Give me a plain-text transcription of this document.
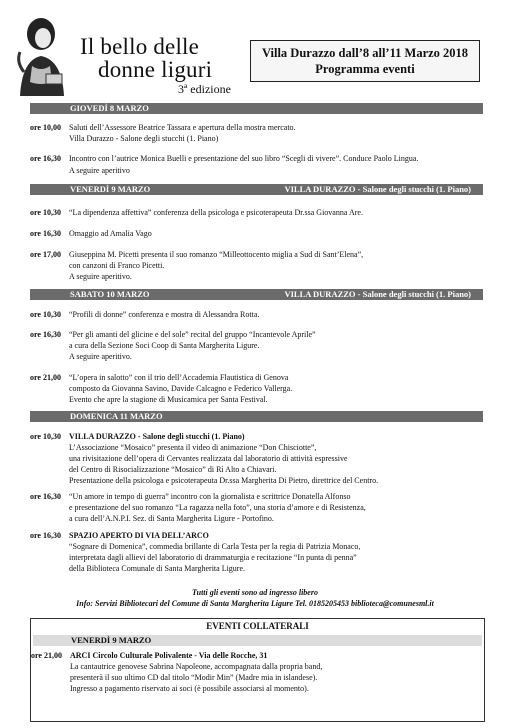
Il bello delle
donne liguri
3ª edizione
Villa Durazzo dall’8 all’11 Marzo 2018
Programma eventi
GIOVEDÌ 8 MARZO
ore 10,00 Saluti dell’Assessore Beatrice Tassara e apertura della mostra mercato.
Villa Durazzo - Salone degli stucchi (1. Piano)
ore 16,30 Incontro con l’autrice Monica Buelli e presentazione del suo libro “Scegli di vivere”. Conduce Paolo Lingua.
A seguire aperitivo
VENERDÌ 9 MARZO	VILLA DURAZZO - Salone degli stucchi (1. Piano)
ore 10,30 “La dipendenza affettiva” conferenza della psicologa e psicoterapeuta Dr.ssa Giovanna Are.
ore 16,30 Omaggio ad Amalia Vago
ore 17,00 Giuseppina M. Picetti presenta il suo romanzo “Milleottocento miglia a Sud di Sant’Elena”,
con canzoni di Franco Picetti.
A seguire aperitivo.
SABATO 10 MARZO	VILLA DURAZZO - Salone degli stucchi (1. Piano)
ore 10,30 “Profili di donne” conferenza e mostra di Alessandra Rotta.
ore 16,30 “Per gli amanti del glicine e del sole” recital del gruppo “Incantevole Aprile”
a cura della Sezione Soci Coop di Santa Margherita Ligure.
A seguire aperitivo.
ore 21,00 “L’opera in salotto” con il trio dell’Accademia Flautistica di Genova
composto da Giovanna Savino, Davide Calcagno e Federico Vallerga.
Evento che apre la stagione di Musicamica per Santa Festival.
DOMENICA 11 MARZO
ore 10,30 VILLA DURAZZO - Salone degli stucchi (1. Piano)
L’Associazione “Mosaico” presenta il video di animazione “Don Chisciotte”,
una rivisitazione dell’opera di Cervantes realizzata dal laboratorio di attività espressive
del Centro di Risocializzazione “Mosaico” di Rì Alto a Chiavari.
Presentazione della psicologa e psicoterapeuta Dr.ssa Margherita Di Pietro, direttrice del Centro.
ore 16,30 “Un amore in tempo di guerra” incontro con la giornalista e scrittrice Donatella Alfonso
e presentazione del suo romanzo “La ragazza nella foto”, una storia d’amore e di Resistenza,
a cura dell’A.N.P.I. Sez. di Santa Margherita Ligure - Portofino.
ore 16,30 SPAZIO APERTO DI VIA DELL’ARCO
“Sognare di Domenica”, commedia brillante di Carla Testa per la regia di Patrizia Monaco,
interpretata dagli allievi del laboratorio di drammaturgia e recitazione “In punta di penna”
della Biblioteca Comunale di Santa Margherita Ligure.
Tutti gli eventi sono ad ingresso libero
Info: Servizi Bibliotecari del Comune di Santa Margherita Ligure Tel. 0185205453 biblioteca@comunesml.it
EVENTI COLLATERALI
VENERDÌ 9 MARZO
ore 21,00 ARCI Circolo Culturale Polivalente - Via delle Rocche, 31
La cantautrice genovese Sabrina Napoleone, accompagnata dalla propria band,
presenterà il suo ultimo CD dal titolo “Modir Min” (Madre mia in islandese).
Ingresso a pagamento riservato ai soci (è possibile associarsi al momento).
